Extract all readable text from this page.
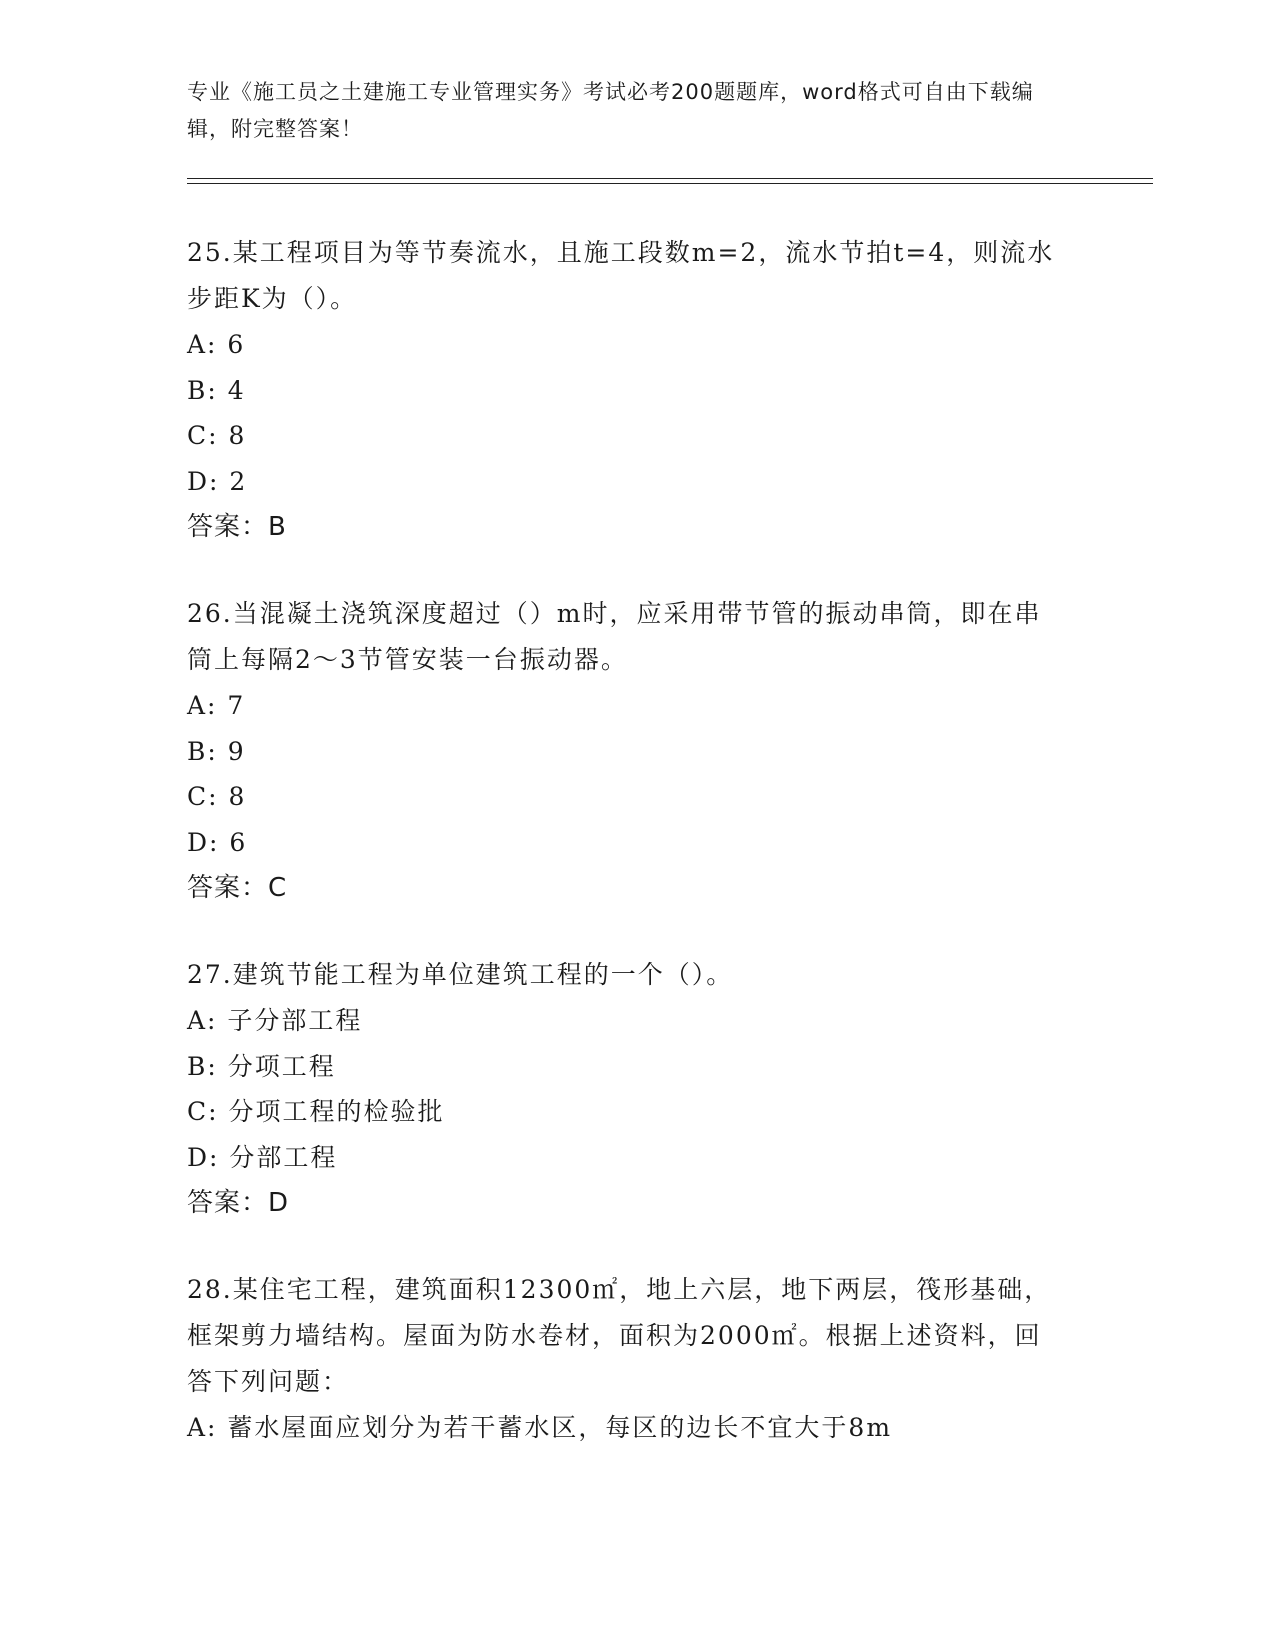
专业《施工员之土建施工专业管理实务》考试必考200题题库，word格式可自由下载编辑，附完整答案！

25.某工程项目为等节奏流水，且施工段数m=2，流水节拍t=4，则流水步距K为（）。

A: 6
B: 4
C: 8
D: 2
答案：B

26.当混凝土浇筑深度超过（）m时，应采用带节管的振动串筒，即在串筒上每隔2～3节管安装一台振动器。

A: 7
B: 9
C: 8
D: 6
答案：C

27.建筑节能工程为单位建筑工程的一个（）。

A: 子分部工程
B: 分项工程
C: 分项工程的检验批
D: 分部工程
答案：D

28.某住宅工程，建筑面积12300㎡，地上六层，地下两层，筏形基础，框架剪力墙结构。屋面为防水卷材，面积为2000㎡。根据上述资料，回答下列问题：

A: 蓄水屋面应划分为若干蓄水区，每区的边长不宜大于8m
